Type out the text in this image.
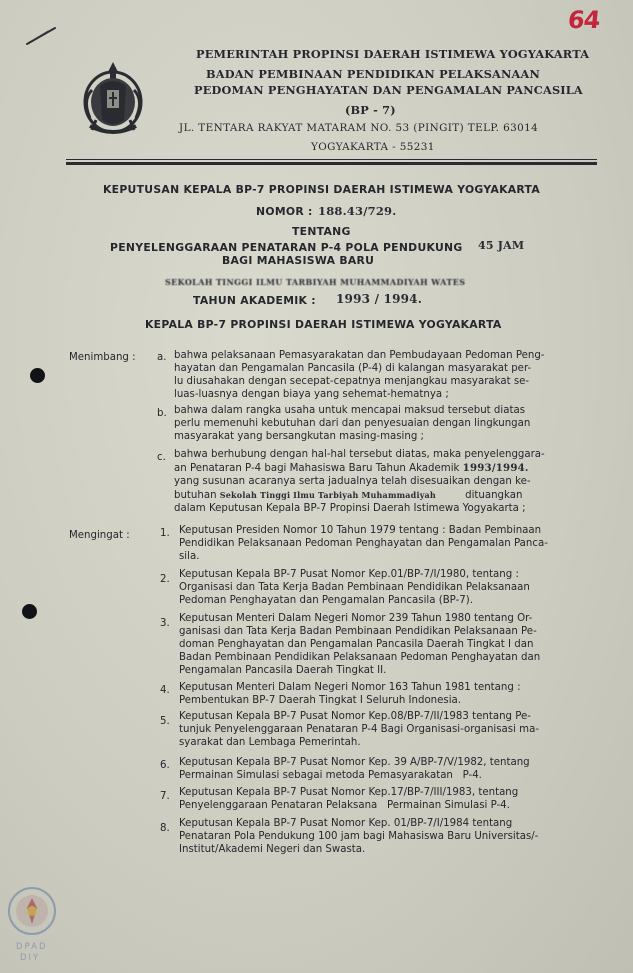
64
PEMERINTAH PROPINSI DAERAH ISTIMEWA YOGYAKARTA
BADAN PEMBINAAN PENDIDIKAN PELAKSANAAN
PEDOMAN PENGHAYATAN DAN PENGAMALAN PANCASILA
(BP - 7)
JL. TENTARA RAKYAT MATARAM NO. 53 (PINGIT) TELP. 63014
YOGYAKARTA - 55231
KEPUTUSAN KEPALA BP-7 PROPINSI DAERAH ISTIMEWA YOGYAKARTA
NOMOR : 188.43/729.
TENTANG
PENYELENGGARAAN PENATARAN P-4 POLA PENDUKUNG 45 JAM
BAGI MAHASISWA BARU
SEKOLAH TINGGI ILMU TARBIYAH MUHAMMADIYAH WATES
TAHUN AKADEMIK : 1993 / 1994.
KEPALA BP-7 PROPINSI DAERAH ISTIMEWA YOGYAKARTA
Menimbang : a. bahwa pelaksanaan Pemasyarakatan dan Pembudayaan Pedoman Peng-
hayatan dan Pengamalan Pancasila (P-4) di kalangan masyarakat per-
lu diusahakan dengan secepat-cepatnya menjangkau masyarakat se-
luas-luasnya dengan biaya yang sehemat-hematnya ;
b. bahwa dalam rangka usaha untuk mencapai maksud tersebut diatas
perlu memenuhi kebutuhan dari dan penyesuaian dengan lingkungan
masyarakat yang bersangkutan masing-masing ;
c. bahwa berhubung dengan hal-hal tersebut diatas, maka penyelenggara-
an Penataran P-4 bagi Mahasiswa Baru Tahun Akademik 1993/1994.
yang susunan acaranya serta jadualnya telah disesuaikan dengan ke-
butuhan Sekolah Tinggi Ilmu Tarbiyah Muhammadiyah	dituangkan
dalam Keputusan Kepala BP-7 Propinsi Daerah Istimewa Yogyakarta ;
Mengingat :	1. Keputusan Presiden Nomor 10 Tahun 1979 tentang : Badan Pembinaan
Pendidikan Pelaksanaan Pedoman Penghayatan dan Pengamalan Panca-
sila.
2. Keputusan Kepala BP-7 Pusat Nomor Kep.01/BP-7/I/1980, tentang :
Organisasi dan Tata Kerja Badan Pembinaan Pendidikan Pelaksanaan
Pedoman Penghayatan dan Pengamalan Pancasila (BP-7).
3. Keputusan Menteri Dalam Negeri Nomor 239 Tahun 1980 tentang Or-
ganisasi dan Tata Kerja Badan Pembinaan Pendidikan Pelaksanaan Pe-
doman Penghayatan dan Pengamalan Pancasila Daerah Tingkat I dan
Badan Pembinaan Pendidikan Pelaksanaan Pedoman Penghayatan dan
Pengamalan Pancasila Daerah Tingkat II.
4. Keputusan Menteri Dalam Negeri Nomor 163 Tahun 1981 tentang :
Pembentukan BP-7 Daerah Tingkat I Seluruh Indonesia.
5. Keputusan Kepala BP-7 Pusat Nomor Kep.08/BP-7/II/1983 tentang Pe-
tunjuk Penyelenggaraan Penataran P-4 Bagi Organisasi-organisasi ma-
syarakat dan Lembaga Pemerintah.
6. Keputusan Kepala BP-7 Pusat Nomor Kep. 39 A/BP-7/V/1982, tentang
Permainan Simulasi sebagai metoda Pemasyarakatan   P-4.
7. Keputusan Kepala BP-7 Pusat Nomor Kep.17/BP-7/III/1983, tentang
Penyelenggaraan Penataran Pelaksana   Permainan Simulasi P-4.
8. Keputusan Kepala BP-7 Pusat Nomor Kep. 01/BP-7/I/1984 tentang
Penataran Pola Pendukung 100 jam bagi Mahasiswa Baru Universitas/-
Institut/Akademi Negeri dan Swasta.
DPAD
DIY
